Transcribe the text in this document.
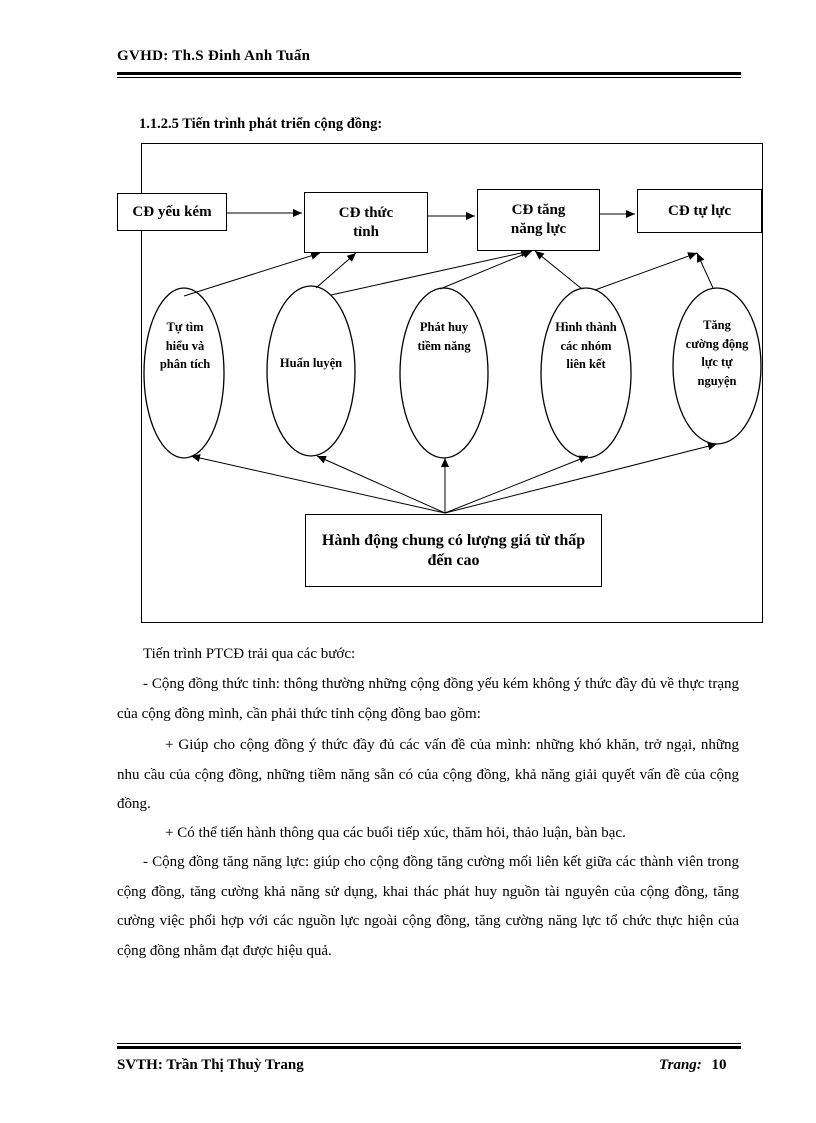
GVHD: Th.S Đinh Anh Tuấn
1.1.2.5 Tiến trình phát triển cộng đồng:
CĐ yếu kém	CĐ thức tỉnh
CĐ tăng năng lực
CĐ tự lực
Tự tìm hiểu và phân tích	Huấn luyện
Phát huy tiềm năng
Hình thành các nhóm liên kết
Tăng cường động lực tự nguyện
Hành động chung có lượng giá từ thấp đến cao

Tiến trình PTCĐ trải qua các bước:

- Cộng đồng thức tỉnh: thông thường những cộng đồng yếu kém không ý thức đầy đủ về thực trạng của cộng đồng mình, cần phải thức tỉnh cộng đồng bao gồm:

+ Giúp cho cộng đồng ý thức đầy đủ các vấn đề của mình: những khó khăn, trở ngại, những nhu cầu của cộng đồng, những tiềm năng sẵn có của cộng đồng, khả năng giải quyết vấn đề của cộng đồng.

+ Có thể tiến hành thông qua các buổi tiếp xúc, thăm hỏi, thảo luận, bàn bạc.

- Cộng đồng tăng năng lực: giúp cho cộng đồng tăng cường mối liên kết giữa các thành viên trong cộng đồng, tăng cường khả năng sử dụng, khai thác phát huy nguồn tài nguyên của cộng đồng, tăng cường việc phối hợp với các nguồn lực ngoài cộng đồng, tăng cường năng lực tổ chức thực hiện của cộng đồng nhằm đạt được hiệu quả.

SVTH: Trần Thị Thuỳ Trang	Trang: 10
